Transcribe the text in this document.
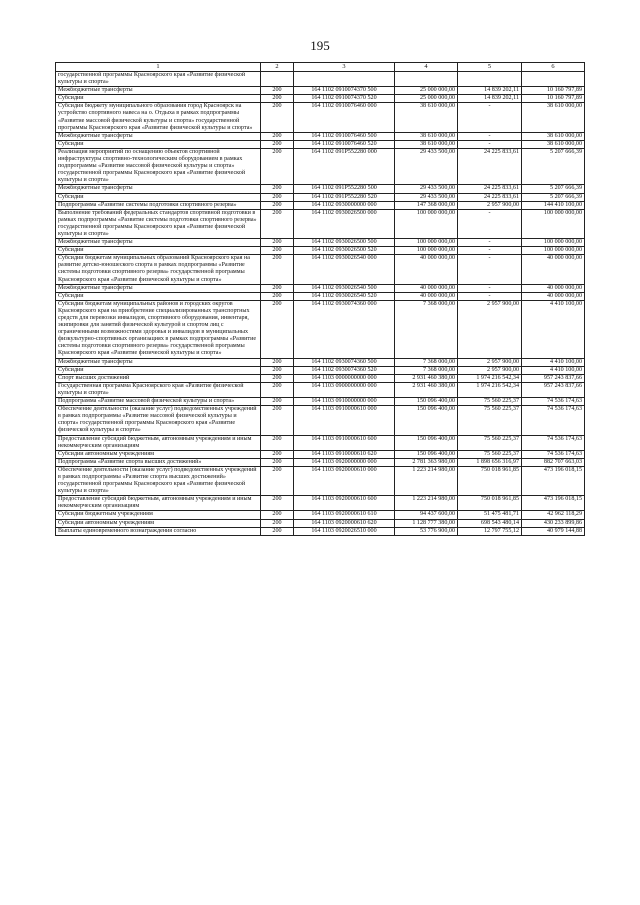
195
1	2	3	4	5	6
государственной программы Красноярского края «Развитие физической культуры и спорта»					
Межбюджетные трансферты	200	164 1102 0910074370 500	25 000 000,00	14 839 202,11	10 160 797,89
Субсидии	200	164 1102 0910074370 520	25 000 000,00	14 839 202,11	10 160 797,89
Субсидия бюджету муниципального образования город Красноярск на устройство спортивного навеса на о. Отдыха в рамках подпрограммы «Развитие массовой физической культуры и спорта» государственной программы Красноярского края «Развитие физической культуры и спорта»	200	164 1102 0910076460 000	38 610 000,00	-	38 610 000,00
Межбюджетные трансферты	200	164 1102 0910076460 500	38 610 000,00	-	38 610 000,00
Субсидии	200	164 1102 0910076460 520	38 610 000,00	-	38 610 000,00
Реализация мероприятий по оснащению объектов спортивной инфраструктуры спортивно-технологическим оборудованием в рамках подпрограммы «Развитие массовой физической культуры и спорта» государственной программы Красноярского края «Развитие физической культуры и спорта»	200	164 1102 091P552280 000	29 433 500,00	24 225 833,61	5 207 666,39
Межбюджетные трансферты	200	164 1102 091P552280 500	29 433 500,00	24 225 833,61	5 207 666,39
Субсидии	200	164 1102 091P552280 520	29 433 500,00	24 225 833,61	5 207 666,39
Подпрограмма «Развитие системы подготовки спортивного резерва»	200	164 1102 0930000000 000	147 368 000,00	2 957 900,00	144 410 100,00
Выполнение требований федеральных стандартов спортивной подготовки в рамках подпрограммы «Развитие системы подготовки спортивного резерва» государственной программы Красноярского края «Развитие физической культуры и спорта»	200	164 1102 0930026500 000	100 000 000,00	-	100 000 000,00
Межбюджетные трансферты	200	164 1102 0930026500 500	100 000 000,00	-	100 000 000,00
Субсидии	200	164 1102 0930026500 520	100 000 000,00	-	100 000 000,00
Субсидии бюджетам муниципальных образований Красноярского края на развитие детско-юношеского спорта в рамках подпрограммы «Развитие системы подготовки спортивного резерва» государственной программы Красноярского края «Развитие физической культуры и спорта»	200	164 1102 0930026540 000	40 000 000,00	-	40 000 000,00
Межбюджетные трансферты	200	164 1102 0930026540 500	40 000 000,00	-	40 000 000,00
Субсидии	200	164 1102 0930026540 520	40 000 000,00	-	40 000 000,00
Субсидии бюджетам муниципальных районов и городских округов Красноярского края на приобретение специализированных транспортных средств для перевозки инвалидов, спортивного оборудования, инвентаря, экипировки для занятий физической культурой и спортом лиц с ограниченными возможностями здоровья и инвалидов в муниципальных физкультурно-спортивных организациях в рамках подпрограммы «Развитие системы подготовки спортивного резерва» государственной программы Красноярского края «Развитие физической культуры и спорта»	200	164 1102 0930074360 000	7 368 000,00	2 957 900,00	4 410 100,00
Межбюджетные трансферты	200	164 1102 0930074360 500	7 368 000,00	2 957 900,00	4 410 100,00
Субсидии	200	164 1102 0930074360 520	7 368 000,00	2 957 900,00	4 410 100,00
Спорт высших достижений	200	164 1103 0000000000 000	2 931 460 380,00	1 974 216 542,34	957 243 837,66
Государственная программа Красноярского края «Развитие физической культуры и спорта»	200	164 1103 0900000000 000	2 931 460 380,00	1 974 216 542,34	957 243 837,66
Подпрограмма «Развитие массовой физической культуры и спорта»	200	164 1103 0910000000 000	150 096 400,00	75 560 225,37	74 536 174,63
Обеспечение деятельности (оказание услуг) подведомственных учреждений в рамках подпрограммы «Развитие массовой физической культуры и спорта» государственной программы Красноярского края «Развитие физической культуры и спорта»	200	164 1103 0910000610 000	150 096 400,00	75 560 225,37	74 536 174,63
Предоставление субсидий бюджетным, автономным учреждениям и иным некоммерческим организациям	200	164 1103 0910000610 600	150 096 400,00	75 560 225,37	74 536 174,63
Субсидии автономным учреждениям	200	164 1103 0910000610 620	150 096 400,00	75 560 225,37	74 536 174,63
Подпрограмма «Развитие спорта высших достижений»	200	164 1103 0920000000 000	2 781 363 980,00	1 898 656 316,97	882 707 663,03
Обеспечение деятельности (оказание услуг) подведомственных учреждений в рамках подпрограммы «Развитие спорта высших достижений» государственной программы Красноярского края «Развитие физической культуры и спорта»	200	164 1103 0920000610 000	1 223 214 980,00	750 018 961,85	473 196 018,15
Предоставление субсидий бюджетным, автономным учреждениям и иным некоммерческим организациям	200	164 1103 0920000610 600	1 223 214 980,00	750 018 961,85	473 196 018,15
Субсидии бюджетным учреждениям	200	164 1103 0920000610 610	94 437 600,00	51 475 481,71	42 962 118,29
Субсидии автономным учреждениям	200	164 1103 0920000610 620	1 128 777 380,00	698 543 480,14	430 233 899,86
Выплаты единовременного вознаграждения согласно	200	164 1103 0920026510 000	53 776 900,00	12 797 755,12	40 979 144,88
